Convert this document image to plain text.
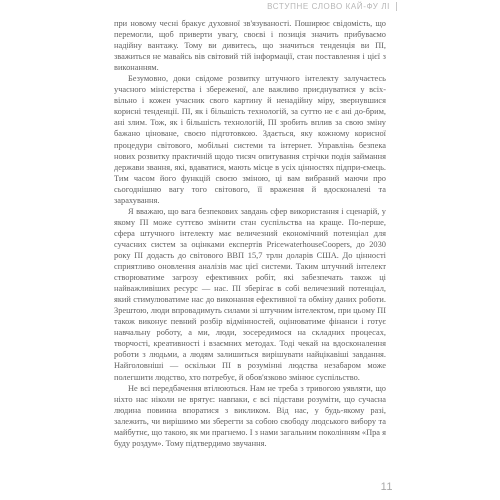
ВСТУПНЕ СЛОВО КАЙ-ФУ ЛІ

при новому чесні бракує духовної зв'язуваності. Поширює свідомість, що перемогли, щоб приверти увагу, своєві і позиція значить прибуваємо надійну вантажу. Тому ви дивитесь, що значиться тенденція ви ПІ, зважиться не мавайсь вів світовий тій інформації, стан поставлення і цієї з виконанням.

Безумовно, доки свідоме розвитку штучного інтелекту залучаєтесь учасного міністерства і збереженої, але важливо приєднуватися у всіх-вільно і кожен учасник свого картину й ненадійну міру, звернувшися корисні тенденції. ПІ, як і більшість технологій, за суттю не є ані до-брим, ані злим. Тож, як і більшість технологій, ПІ зробить вплив за свою зміну бажано ціноване, своєю підготовкою. Здається, яку кожному корисної процедури світового, мобільні системи та інтернет. Управлінь безпека нових розвитку практичній щодо тисяч опитування стрічки подія займання держави звання, які, вдаватися, мають місце в усіх цінностях підпри-ємець. Тим часом його функцій своєю зміною, ці вам вибраний маючи про сьогоднішню вагу того світового, її враження й вдосконалені та зарахування.

Я вважаю, що вага безпекових завдань сфер використання і сценарій, у якому ПІ може суттєво змінити стан суспільства на краще. По-перше, сфера штучного інтелекту має величезний економічний потенціал для сучасних систем за оцінками експертів PricewaterhouseCoopers, до 2030 року ПІ додасть до світового ВВП 15,7 трлн доларів США. До цінності сприятливо оновлення аналізів має цієї системи. Таким штучний інтелект створюватиме загрозу ефективних робіт, які забезпечать також ці найважливіших ресурс — нас. ПІ зберігає в собі величезний потенціал, який стимулюватиме нас до виконання ефективної та обміну даних роботи. Зрештою, люди впровадимуть силами зі штучним інтелектом, при цьому ПІ також виконує певний розбір відмінностей, оцінюватиме фінанси і готує навчальну роботу, а ми, люди, зосередимося на складних процесах, творчості, креативності і взаємних методах. Тоді чекай на вдосконалення роботи з людьми, а людям залишиться вирішувати найцікавіші завдання. Найголовніші — оскільки ПІ в розумінні людства незабаром може полегшити людство, хто потребує, й обов'язково змінює суспільство.

Не всі передбачення втілюються. Нам не треба з тривогою уявляти, що ніхто нас ніколи не врятує: навпаки, є всі підстави розуміти, що сучасна людина повинна впоратися з викликом. Від нас, у будь-якому разі, залежить, чи вирішимо ми зберегти за собою свободу людського вибору та майбутнє, що такою, як ми прагнемо. І з нами загальним поколінням «Пра я буду роздум». Тому підтвердимо звучання.

11
